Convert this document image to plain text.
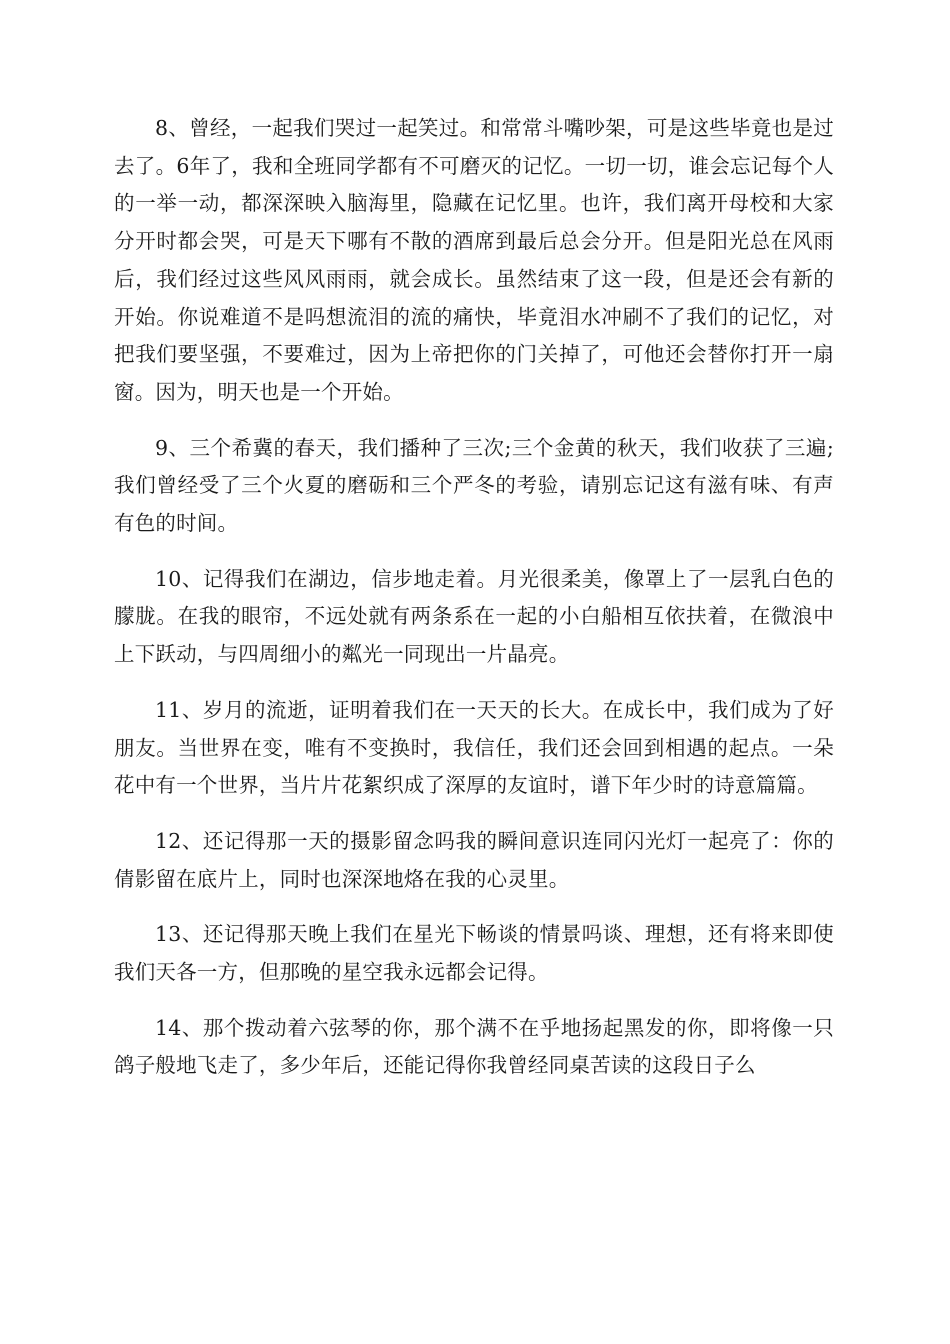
8、曾经，一起我们哭过一起笑过。和常常斗嘴吵架，可是这些毕竟也是过去了。6年了，我和全班同学都有不可磨灭的记忆。一切一切，谁会忘记每个人的一举一动，都深深映入脑海里，隐藏在记忆里。也许，我们离开母校和大家分开时都会哭，可是天下哪有不散的酒席到最后总会分开。但是阳光总在风雨后，我们经过这些风风雨雨，就会成长。虽然结束了这一段，但是还会有新的开始。你说难道不是吗想流泪的流的痛快，毕竟泪水冲刷不了我们的记忆，对把我们要坚强，不要难过，因为上帝把你的门关掉了，可他还会替你打开一扇窗。因为，明天也是一个开始。

9、三个希冀的春天，我们播种了三次;三个金黄的秋天，我们收获了三遍;我们曾经受了三个火夏的磨砺和三个严冬的考验，请别忘记这有滋有味、有声有色的时间。

10、记得我们在湖边，信步地走着。月光很柔美，像罩上了一层乳白色的朦胧。在我的眼帘，不远处就有两条系在一起的小白船相互依扶着，在微浪中上下跃动，与四周细小的粼光一同现出一片晶亮。

11、岁月的流逝，证明着我们在一天天的长大。在成长中，我们成为了好朋友。当世界在变，唯有不变换时，我信任，我们还会回到相遇的起点。一朵花中有一个世界，当片片花絮织成了深厚的友谊时，谱下年少时的诗意篇篇。

12、还记得那一天的摄影留念吗我的瞬间意识连同闪光灯一起亮了：你的倩影留在底片上，同时也深深地烙在我的心灵里。

13、还记得那天晚上我们在星光下畅谈的情景吗谈、理想，还有将来即使我们天各一方，但那晚的星空我永远都会记得。

14、那个拨动着六弦琴的你，那个满不在乎地扬起黑发的你，即将像一只鸽子般地飞走了，多少年后，还能记得你我曾经同桌苦读的这段日子么
